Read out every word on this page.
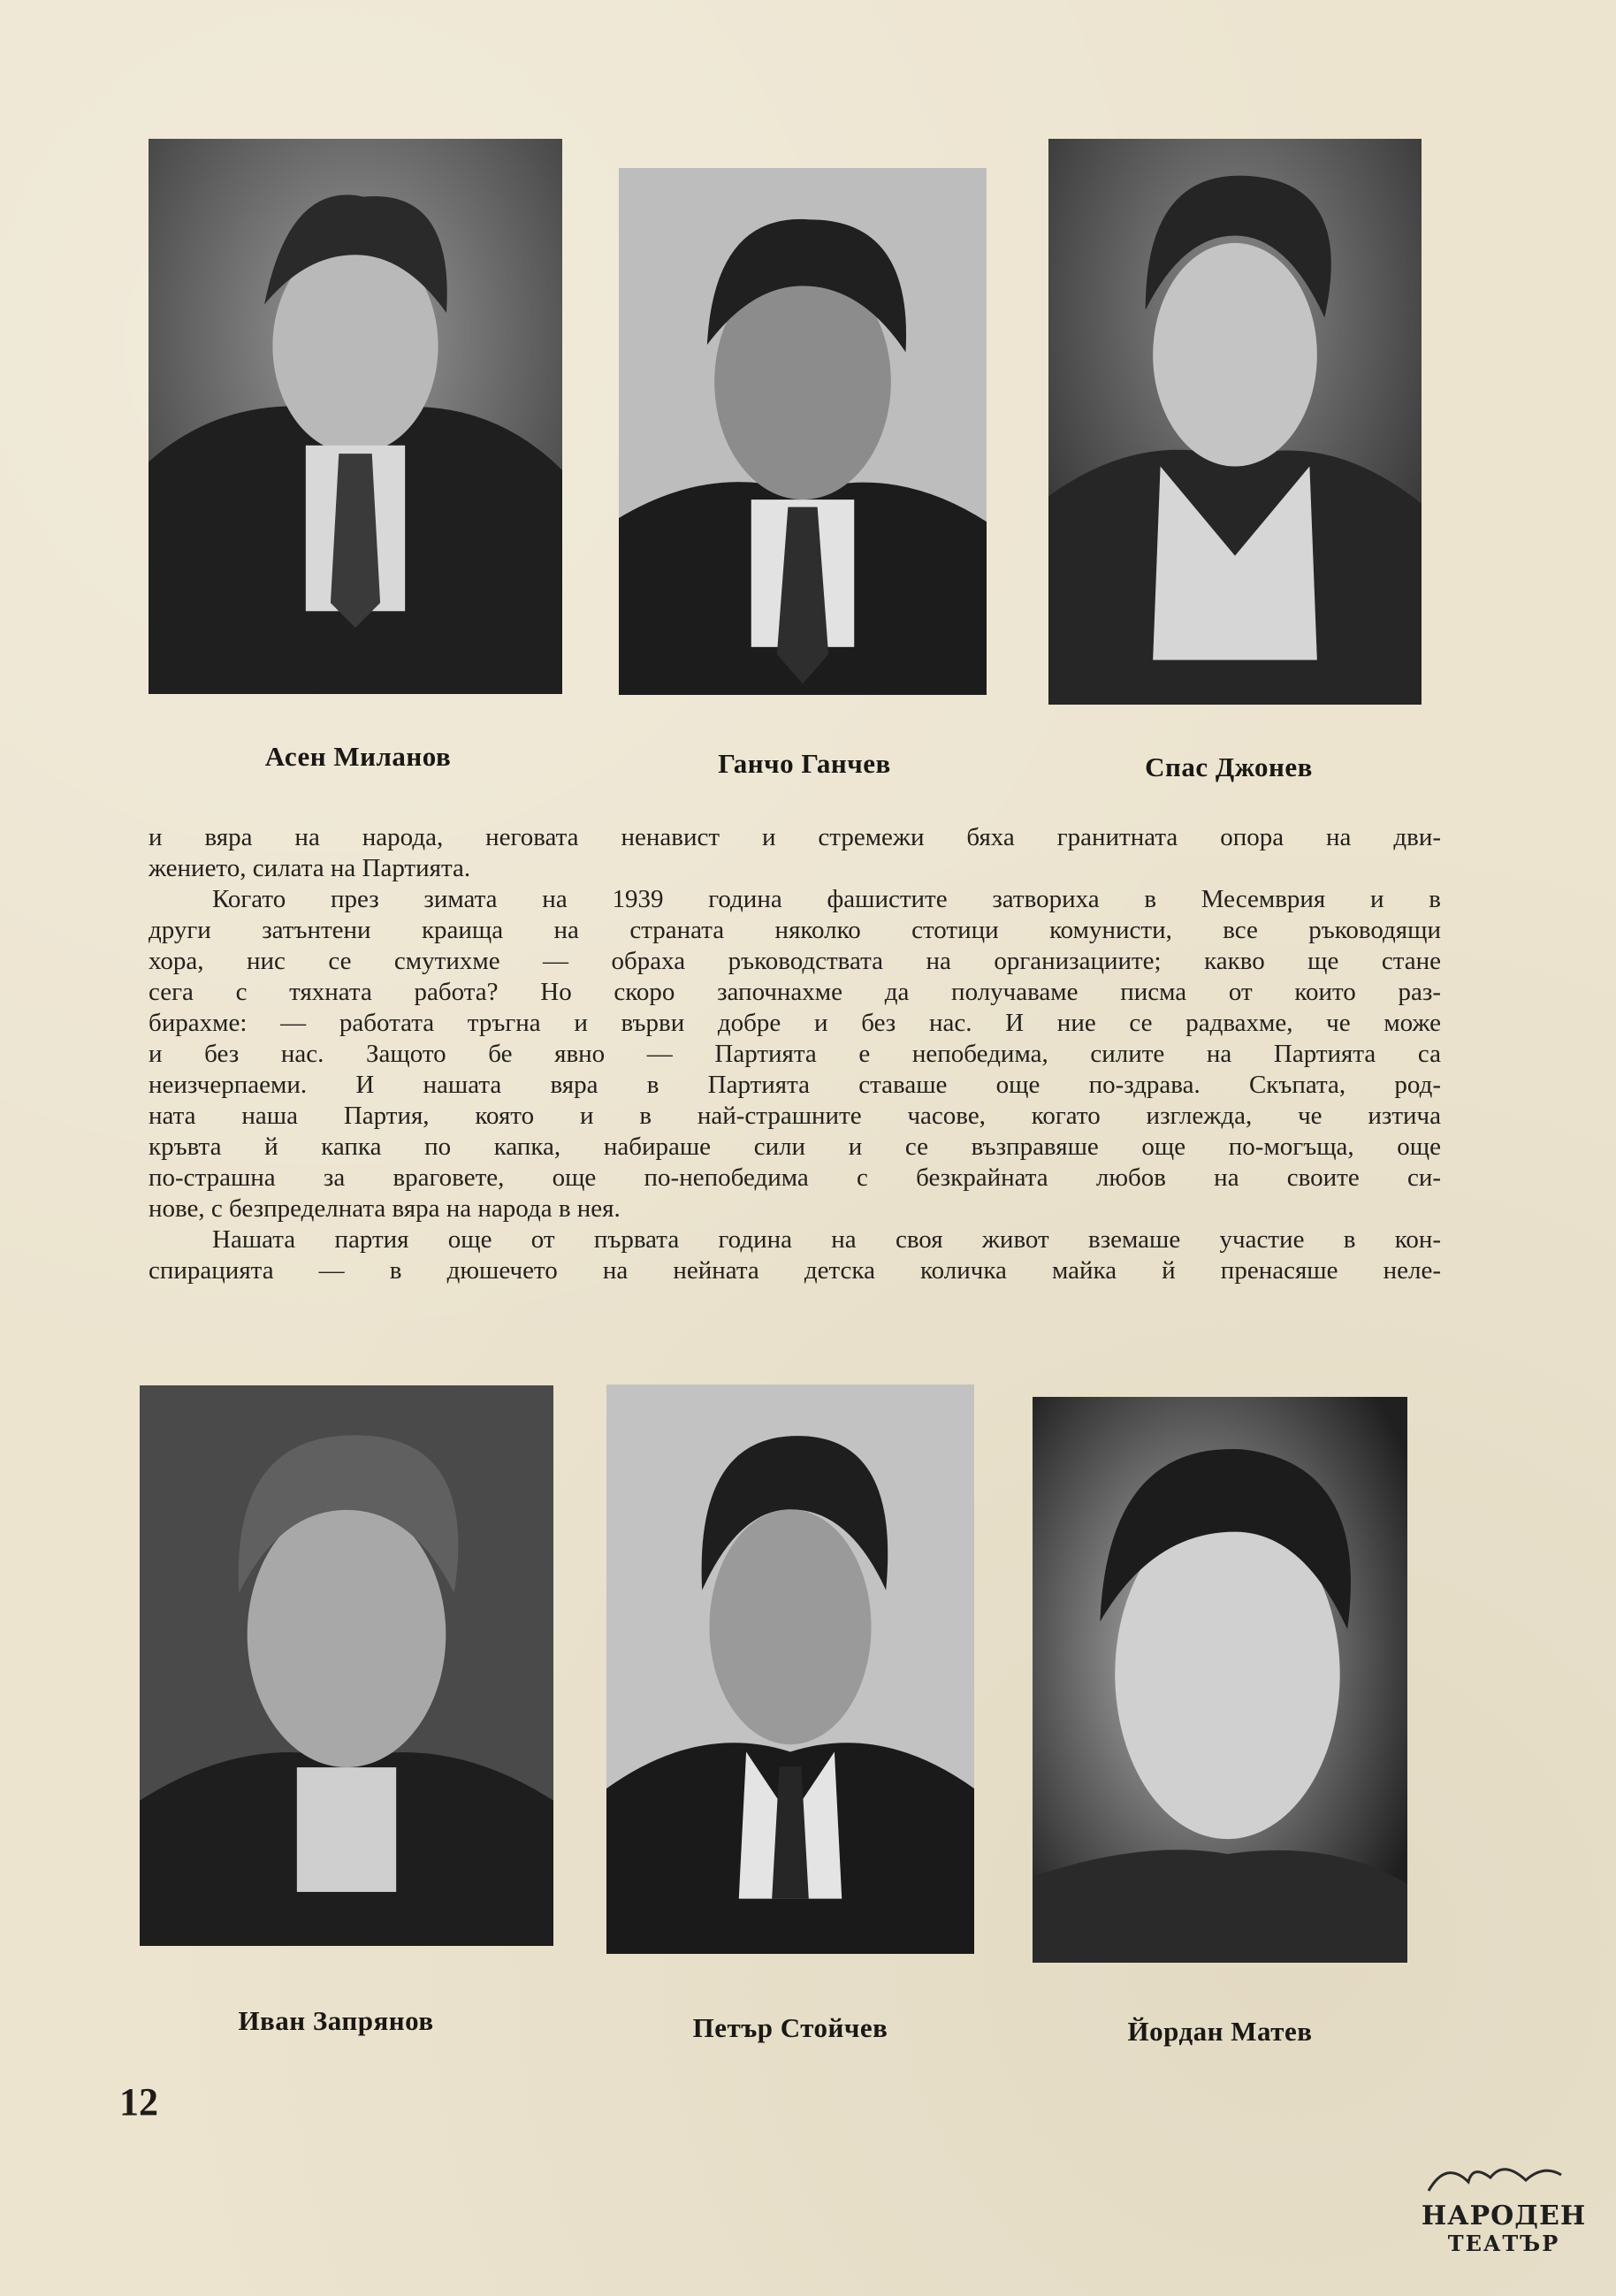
Асен Миланов	Ганчо Ганчев	Спас Джонев
и вяра на народа, неговата ненавист и стремежи бяха гранитната опора на дви-
жението, силата на Партията.
Когато през зимата на 1939 година фашистите затвориха в Месемврия и в
други затънтени краища на страната няколко стотици комунисти, все ръководящи
хора, нис се смутихме — обраха ръководствата на организациите; какво ще стане
сега с тяхната работа? Но скоро започнахме да получаваме писма от които раз-
бирахме: — работата тръгна и върви добре и без нас. И ние се радвахме, че може
и без нас. Защото бе явно — Партията е непобедима, силите на Партията са
неизчерпаеми. И нашата вяра в Партията ставаше още по-здрава. Скъпата, род-
ната наша Партия, която и в най-страшните часове, когато изглежда, че изтича
кръвта й капка по капка, набираше сили и се възправяше още по-могъща, още
по-страшна за враговете, още по-непобедима с безкрайната любов на своите си-
нове, с безпределната вяра на народа в нея.
Нашата партия още от първата година на своя живот вземаше участие в кон-
спирацията — в дюшечето на нейната детска количка майка й пренасяше неле-
Иван Запрянов	Петър Стойчев	Йордан Матев
12
НАРОДЕН
ТЕАТЪР
